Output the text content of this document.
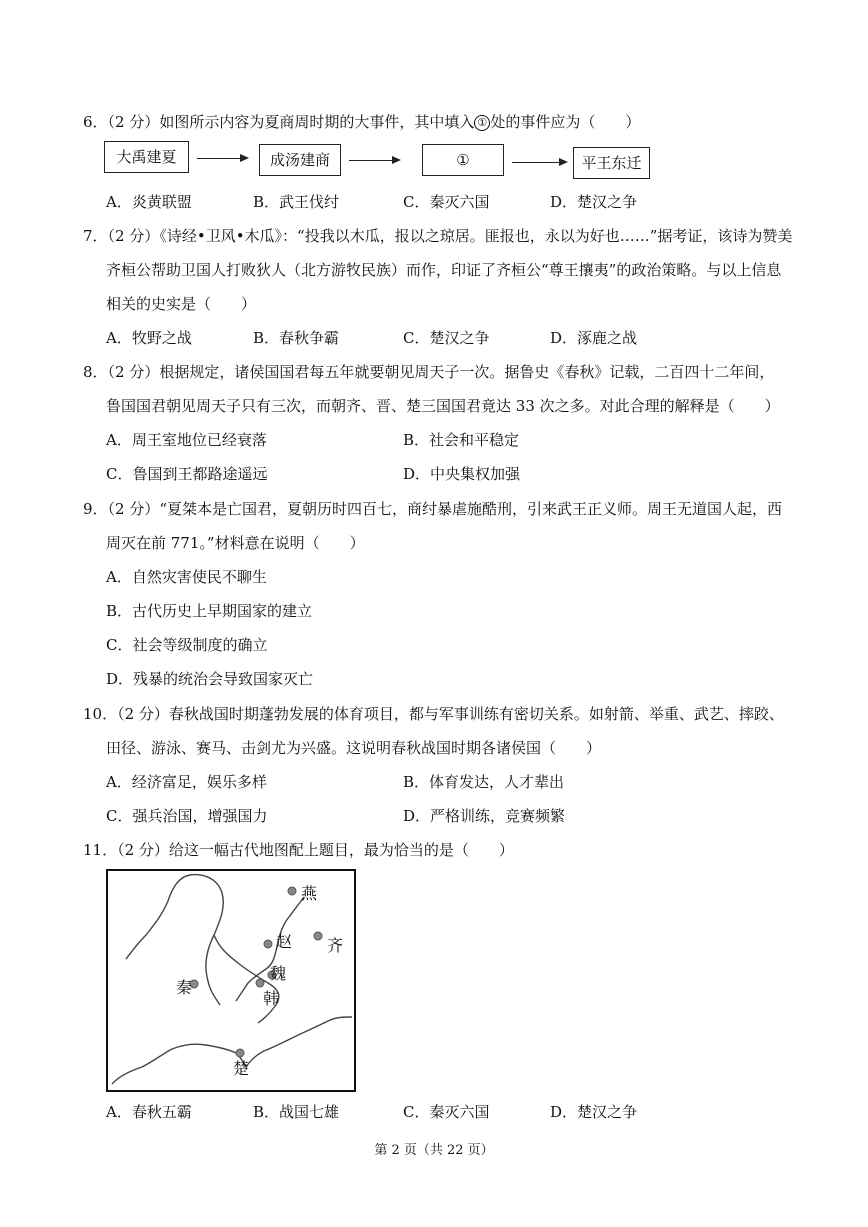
6．（2 分）如图所示内容为夏商周时期的大事件，其中填入 ① 处的事件应为（　　）
大禹建夏	成汤建商	①	平王东迁
A．炎黄联盟	B．武王伐纣	C．秦灭六国	D．楚汉之争
7．（2 分）《诗经•卫风•木瓜》：“投我以木瓜，报以之琼居。匪报也，永以为好也……”据考证，该诗为赞美
齐桓公帮助卫国人打败狄人（北方游牧民族）而作，印证了齐桓公“尊王攘夷”的政治策略。与以上信息
相关的史实是（　　）
A．牧野之战	B．春秋争霸	C．楚汉之争	D．涿鹿之战
8．（2 分）根据规定，诸侯国国君每五年就要朝见周天子一次。据鲁史《春秋》记载，二百四十二年间，
鲁国国君朝见周天子只有三次，而朝齐、晋、楚三国国君竟达 33 次之多。对此合理的解释是（　　）
A．周王室地位已经衰落	B．社会和平稳定
C．鲁国到王都路途遥远	D．中央集权加强
9．（2 分）“夏桀本是亡国君，夏朝历时四百七，商纣暴虐施酷刑，引来武王正义师。周王无道国人起，西
周灭在前 771。”材料意在说明（　　）
A．自然灾害使民不聊生
B．古代历史上早期国家的建立
C．社会等级制度的确立
D．残暴的统治会导致国家灭亡
10．（2 分）春秋战国时期蓬勃发展的体育项目，都与军事训练有密切关系。如射箭、举重、武艺、摔跤、
田径、游泳、赛马、击剑尤为兴盛。这说明春秋战国时期各诸侯国（　　）
A．经济富足，娱乐多样	B．体育发达，人才辈出
C．强兵治国，增强国力	D．严格训练，竞赛频繁
11．（2 分）给这一幅古代地图配上题目，最为恰当的是（　　）
燕
赵 齐
魏
秦
韩
楚
A．春秋五霸	B．战国七雄	C．秦灭六国	D．楚汉之争
第 2 页（共 22 页）
